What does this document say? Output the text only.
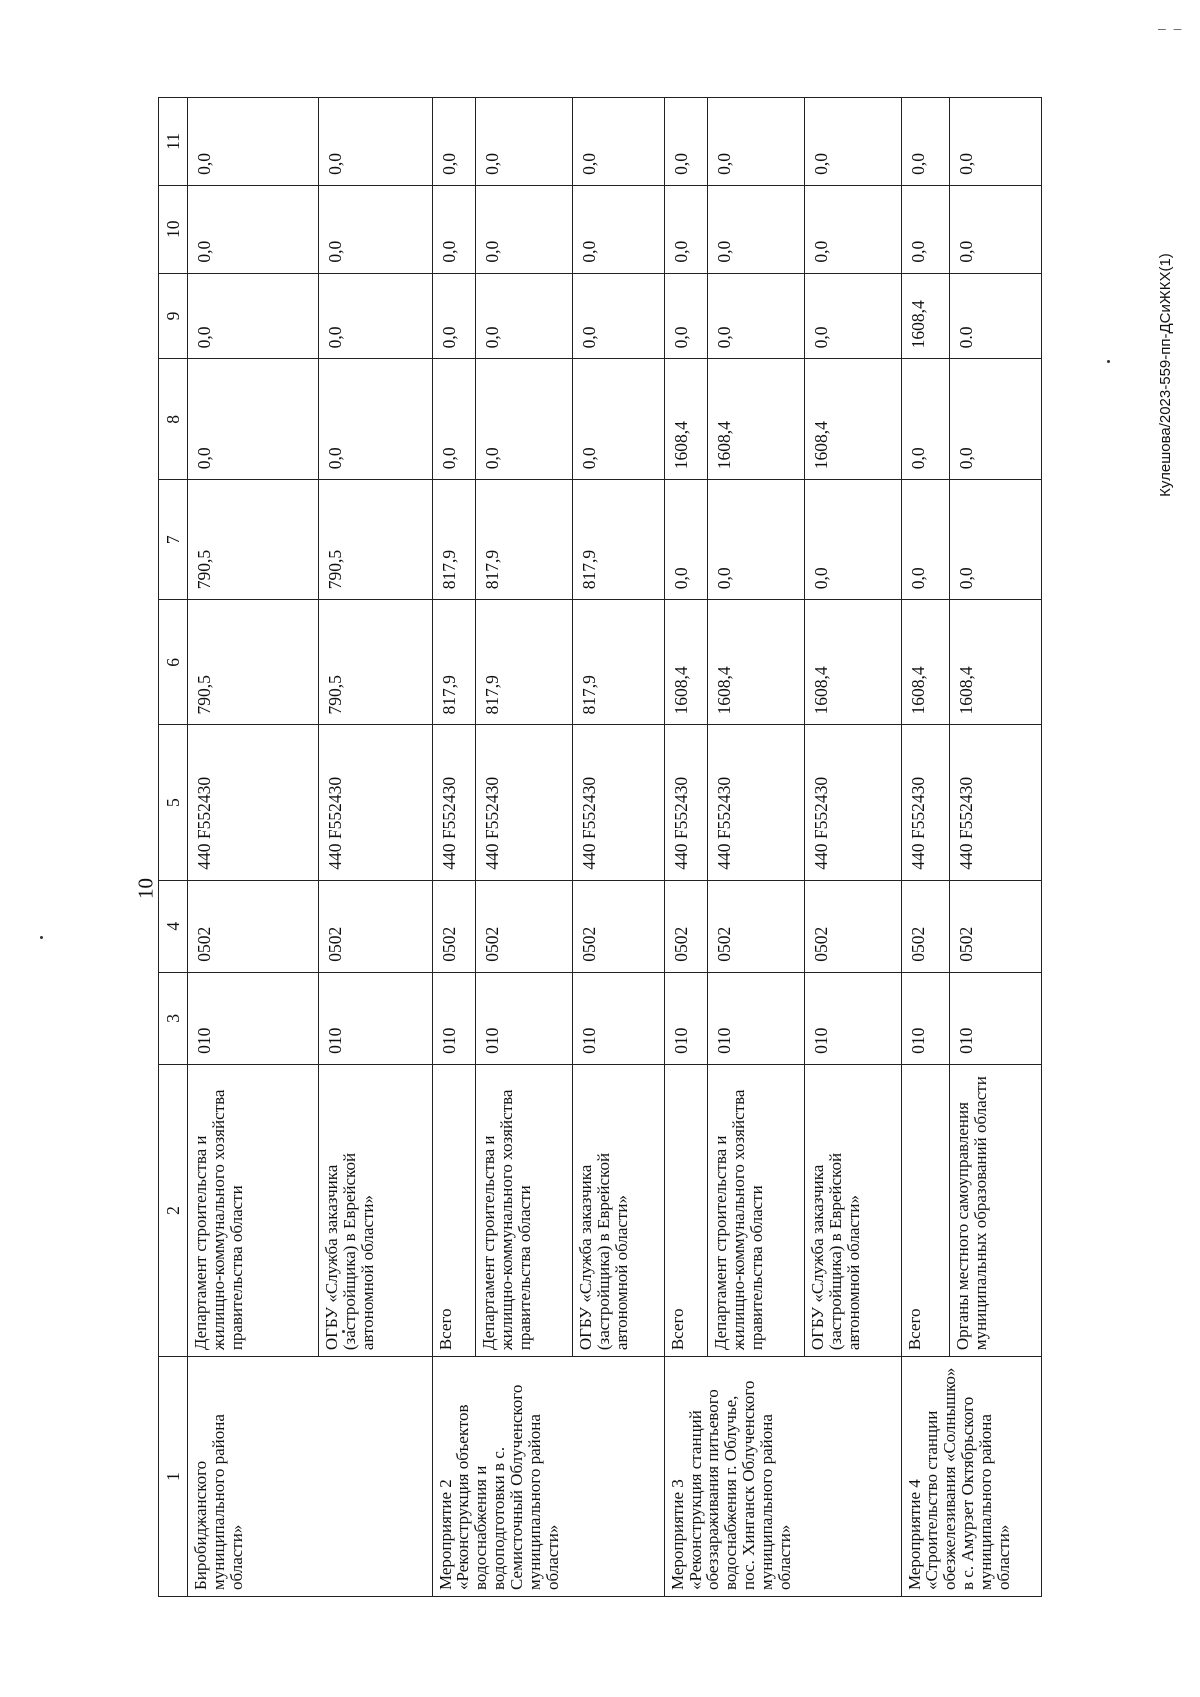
10
– –
Кулешова/2023-559-пп-ДСиЖКХ(1)
1	2	3	4	5	6	7	8	9	10	11
Биробиджанского муниципального района области»	Департамент строительства и жилищно-коммунального хозяйства правительства области	010	0502	440 F552430	790,5	790,5	0,0	0,0	0,0	0,0
	ОГБУ «Служба заказчика (застройщика) в Еврейской автономной области»	010	0502	440 F552430	790,5	790,5	0,0	0,0	0,0	0,0
Мероприятие 2 «Реконструкция объектов водоснабжения и водоподготовки в с. Семисточный Облученского муниципального района области»	Всего	010	0502	440 F552430	817,9	817,9	0,0	0,0	0,0	0,0
	Департамент строительства и жилищно-коммунального хозяйства правительства области	010	0502	440 F552430	817,9	817,9	0,0	0,0	0,0	0,0
	ОГБУ «Служба заказчика (застройщика) в Еврейской автономной области»	010	0502	440 F552430	817,9	817,9	0,0	0,0	0,0	0,0
Мероприятие 3 «Реконструкция станций обеззараживания питьевого водоснабжения г. Облучье, пос. Хинганск Облученского муниципального района области»	Всего	010	0502	440 F552430	1608,4	0,0	1608,4	0,0	0,0	0,0
	Департамент строительства и жилищно-коммунального хозяйства правительства области	010	0502	440 F552430	1608,4	0,0	1608,4	0,0	0,0	0,0
	ОГБУ «Служба заказчика (застройщика) в Еврейской автономной области»	010	0502	440 F552430	1608,4	0,0	1608,4	0,0	0,0	0,0
Мероприятие 4 «Строительство станции обезжелезивания «Солнышко» в с. Амурзет Октябрьского муниципального района области»	Всего	010	0502	440 F552430	1608,4	0,0	0,0	1608,4	0,0	0,0
	Органы местного самоуправления муниципальных образований области	010	0502	440 F552430	1608,4	0,0	0,0	0.0	0,0	0,0
